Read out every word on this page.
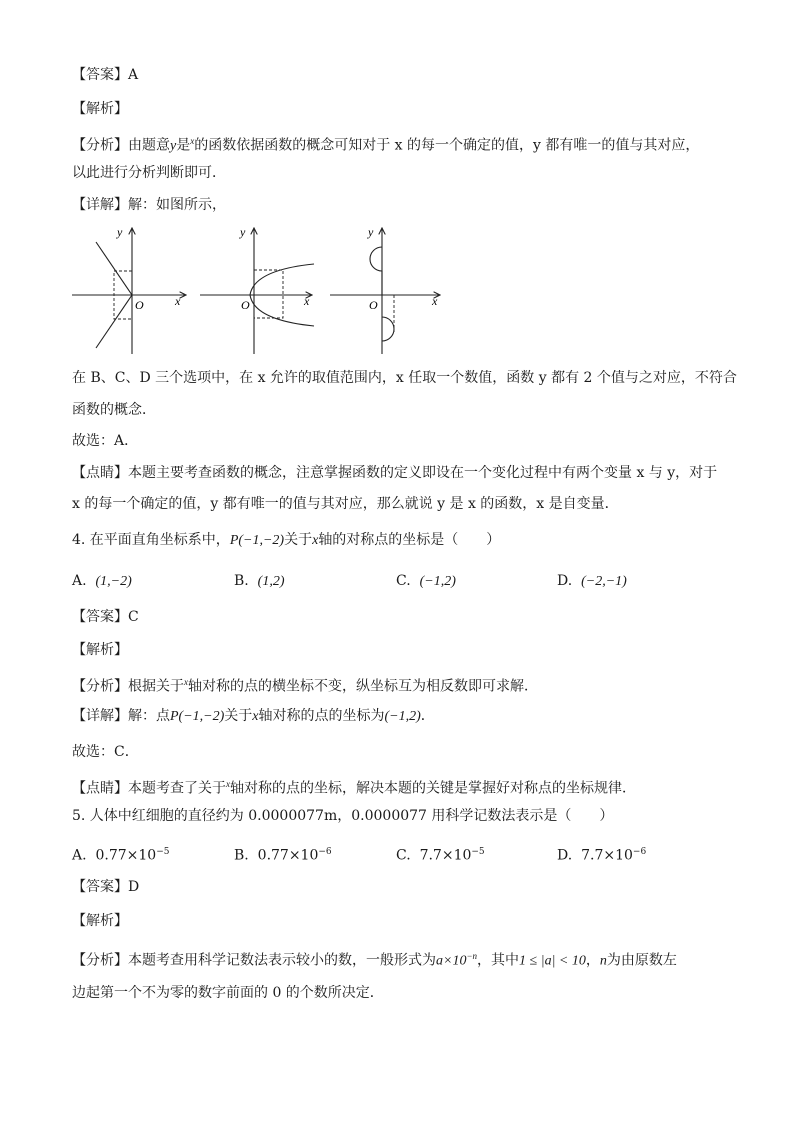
【答案】A
【解析】
【分析】由题意y是$^x$的函数依据函数的概念可知对于 x 的每一个确定的值，y 都有唯一的值与其对应，
以此进行分析判断即可．
【详解】解：如图所示，
y
x
O
y
x
O
y
x
O
在 B、C、D 三个选项中，在 x 允许的取值范围内，x 任取一个数值，函数 y 都有 2 个值与之对应，不符合
函数的概念．
故选：A．
【点睛】本题主要考查函数的概念，注意掌握函数的定义即设在一个变化过程中有两个变量 x 与 y，对于
x 的每一个确定的值，y 都有唯一的值与其对应，那么就说 y 是 x 的函数，x 是自变量．
4. 在平面直角坐标系中，P(−1,−2)关于x轴的对称点的坐标是（　　）
A. (1,−2)	B. (1,2)	C. (−1,2)	D. (−2,−1)
【答案】C
【解析】
【分析】根据关于$^x$轴对称的点的横坐标不变，纵坐标互为相反数即可求解．
【详解】解：点P(−1,−2)关于x轴对称的点的坐标为(−1,2)．
故选：C．
【点睛】本题考查了关于$^x$轴对称的点的坐标，解决本题的关键是掌握好对称点的坐标规律．
5. 人体中红细胞的直径约为 0.0000077m，0.0000077 用科学记数法表示是（　　）
A. $0.77\times 10^{-5}$	B. $0.77\times 10^{-6}$	C. $7.7\times 10^{-5}$	D. $7.7\times 10^{-6}$
【答案】D
【解析】
【分析】本题考查用科学记数法表示较小的数，一般形式为$a\times 10^{-n}$，其中1 ≤ |a| < 10，n为由原数左
边起第一个不为零的数字前面的 0 的个数所决定．
